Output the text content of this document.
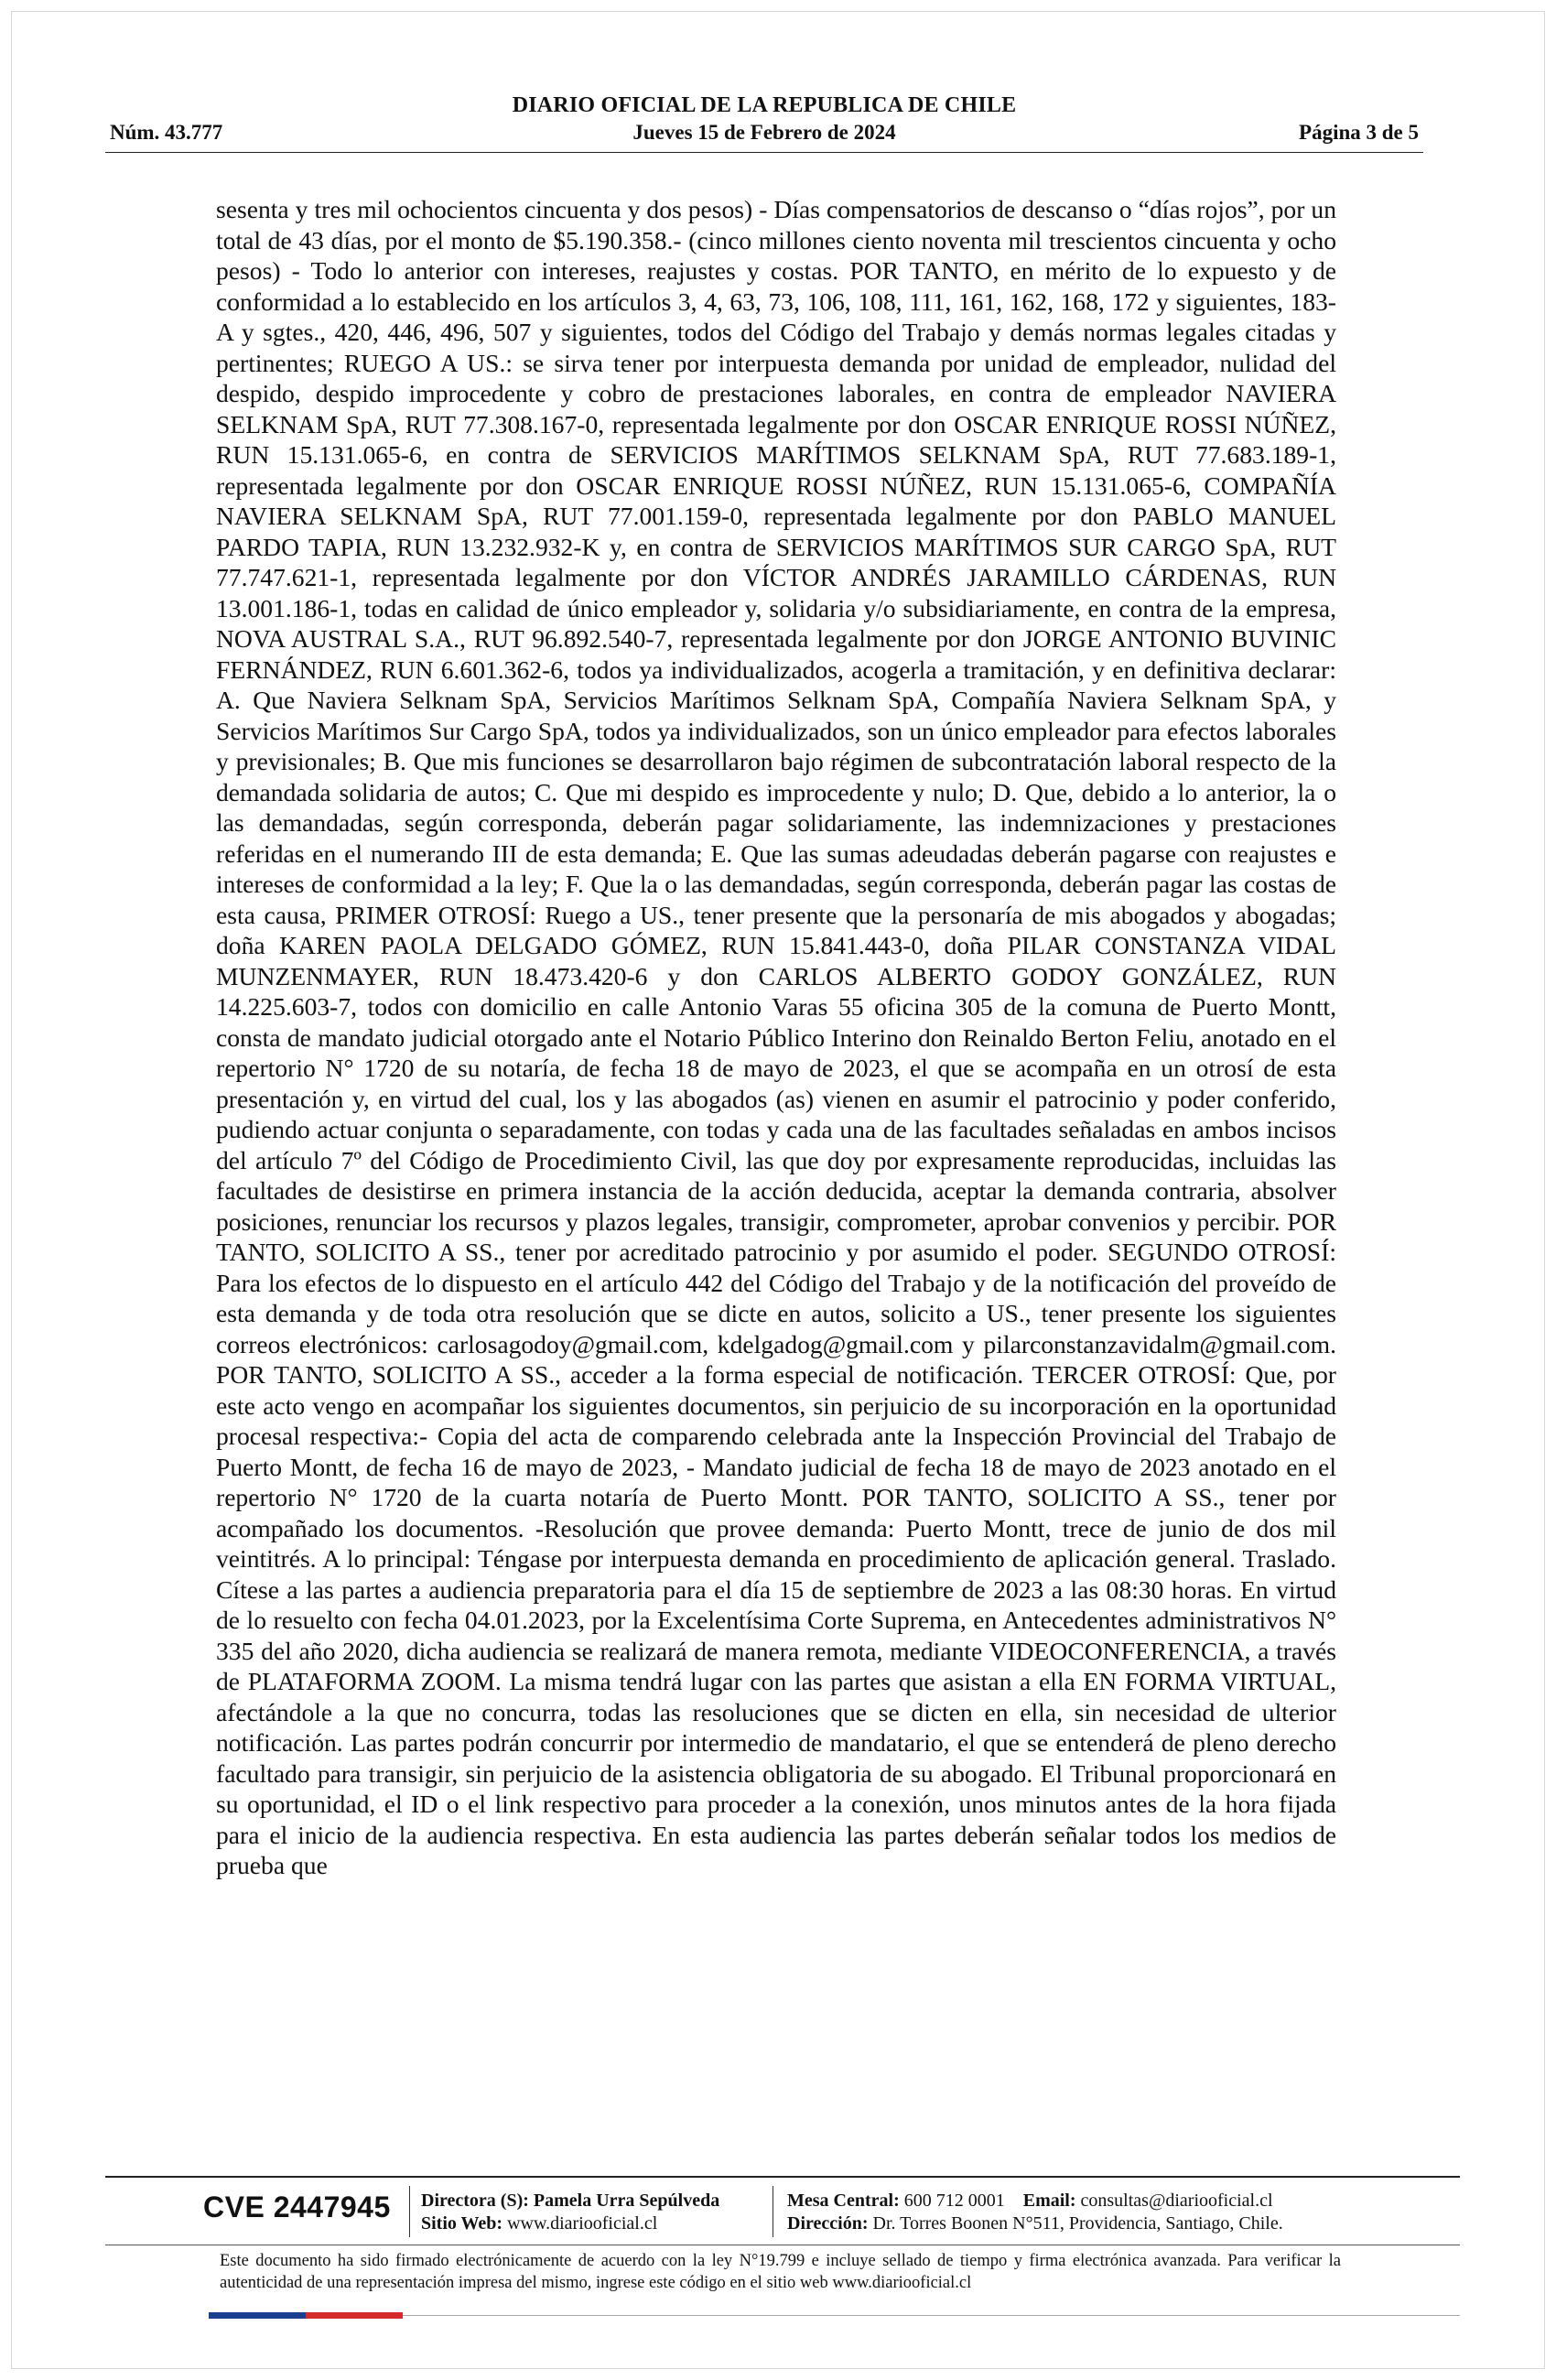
DIARIO OFICIAL DE LA REPUBLICA DE CHILE
Núm. 43.777	Jueves 15 de Febrero de 2024	Página 3 de 5

sesenta y tres mil ochocientos cincuenta y dos pesos) - Días compensatorios de descanso o “días rojos”, por un total de 43 días, por el monto de $5.190.358.- (cinco millones ciento noventa mil trescientos cincuenta y ocho pesos) - Todo lo anterior con intereses, reajustes y costas. POR TANTO, en mérito de lo expuesto y de conformidad a lo establecido en los artículos 3, 4, 63, 73, 106, 108, 111, 161, 162, 168, 172 y siguientes, 183-A y sgtes., 420, 446, 496, 507 y siguientes, todos del Código del Trabajo y demás normas legales citadas y pertinentes; RUEGO A US.: se sirva tener por interpuesta demanda por unidad de empleador, nulidad del despido, despido improcedente y cobro de prestaciones laborales, en contra de empleador NAVIERA SELKNAM SpA, RUT 77.308.167-0, representada legalmente por don OSCAR ENRIQUE ROSSI NÚÑEZ, RUN 15.131.065-6, en contra de SERVICIOS MARÍTIMOS SELKNAM SpA, RUT 77.683.189-1, representada legalmente por don OSCAR ENRIQUE ROSSI NÚÑEZ, RUN 15.131.065-6, COMPAÑÍA NAVIERA SELKNAM SpA, RUT 77.001.159-0, representada legalmente por don PABLO MANUEL PARDO TAPIA, RUN 13.232.932-K y, en contra de SERVICIOS MARÍTIMOS SUR CARGO SpA, RUT 77.747.621-1, representada legalmente por don VÍCTOR ANDRÉS JARAMILLO CÁRDENAS, RUN 13.001.186-1, todas en calidad de único empleador y, solidaria y/o subsidiariamente, en contra de la empresa, NOVA AUSTRAL S.A., RUT 96.892.540-7, representada legalmente por don JORGE ANTONIO BUVINIC FERNÁNDEZ, RUN 6.601.362-6, todos ya individualizados, acogerla a tramitación, y en definitiva declarar: A. Que Naviera Selknam SpA, Servicios Marítimos Selknam SpA, Compañía Naviera Selknam SpA, y Servicios Marítimos Sur Cargo SpA, todos ya individualizados, son un único empleador para efectos laborales y previsionales; B. Que mis funciones se desarrollaron bajo régimen de subcontratación laboral respecto de la demandada solidaria de autos; C. Que mi despido es improcedente y nulo; D. Que, debido a lo anterior, la o las demandadas, según corresponda, deberán pagar solidariamente, las indemnizaciones y prestaciones referidas en el numerando III de esta demanda; E. Que las sumas adeudadas deberán pagarse con reajustes e intereses de conformidad a la ley; F. Que la o las demandadas, según corresponda, deberán pagar las costas de esta causa, PRIMER OTROSÍ: Ruego a US., tener presente que la personaría de mis abogados y abogadas; doña KAREN PAOLA DELGADO GÓMEZ, RUN 15.841.443-0, doña PILAR CONSTANZA VIDAL MUNZENMAYER, RUN 18.473.420-6 y don CARLOS ALBERTO GODOY GONZÁLEZ, RUN 14.225.603-7, todos con domicilio en calle Antonio Varas 55 oficina 305 de la comuna de Puerto Montt, consta de mandato judicial otorgado ante el Notario Público Interino don Reinaldo Berton Feliu, anotado en el repertorio N° 1720 de su notaría, de fecha 18 de mayo de 2023, el que se acompaña en un otrosí de esta presentación y, en virtud del cual, los y las abogados (as) vienen en asumir el patrocinio y poder conferido, pudiendo actuar conjunta o separadamente, con todas y cada una de las facultades señaladas en ambos incisos del artículo 7º del Código de Procedimiento Civil, las que doy por expresamente reproducidas, incluidas las facultades de desistirse en primera instancia de la acción deducida, aceptar la demanda contraria, absolver posiciones, renunciar los recursos y plazos legales, transigir, comprometer, aprobar convenios y percibir. POR TANTO, SOLICITO A SS., tener por acreditado patrocinio y por asumido el poder. SEGUNDO OTROSÍ: Para los efectos de lo dispuesto en el artículo 442 del Código del Trabajo y de la notificación del proveído de esta demanda y de toda otra resolución que se dicte en autos, solicito a US., tener presente los siguientes correos electrónicos: carlosagodoy@gmail.com, kdelgadog@gmail.com y pilarconstanzavidalm@gmail.com. POR TANTO, SOLICITO A SS., acceder a la forma especial de notificación. TERCER OTROSÍ: Que, por este acto vengo en acompañar los siguientes documentos, sin perjuicio de su incorporación en la oportunidad procesal respectiva:- Copia del acta de comparendo celebrada ante la Inspección Provincial del Trabajo de Puerto Montt, de fecha 16 de mayo de 2023, - Mandato judicial de fecha 18 de mayo de 2023 anotado en el repertorio N° 1720 de la cuarta notaría de Puerto Montt. POR TANTO, SOLICITO A SS., tener por acompañado los documentos. -Resolución que provee demanda: Puerto Montt, trece de junio de dos mil veintitrés. A lo principal: Téngase por interpuesta demanda en procedimiento de aplicación general. Traslado. Cítese a las partes a audiencia preparatoria para el día 15 de septiembre de 2023 a las 08:30 horas. En virtud de lo resuelto con fecha 04.01.2023, por la Excelentísima Corte Suprema, en Antecedentes administrativos N° 335 del año 2020, dicha audiencia se realizará de manera remota, mediante VIDEOCONFERENCIA, a través de PLATAFORMA ZOOM. La misma tendrá lugar con las partes que asistan a ella EN FORMA VIRTUAL, afectándole a la que no concurra, todas las resoluciones que se dicten en ella, sin necesidad de ulterior notificación. Las partes podrán concurrir por intermedio de mandatario, el que se entenderá de pleno derecho facultado para transigir, sin perjuicio de la asistencia obligatoria de su abogado. El Tribunal proporcionará en su oportunidad, el ID o el link respectivo para proceder a la conexión, unos minutos antes de la hora fijada para el inicio de la audiencia respectiva. En esta audiencia las partes deberán señalar todos los medios de prueba que

CVE 2447945 Directora (S): Pamela Urra Sepúlveda
Sitio Web: www.diariooficial.cl
Mesa Central: 600 712 0001 Email: consultas@diariooficial.cl
Dirección: Dr. Torres Boonen N°511, Providencia, Santiago, Chile.

Este documento ha sido firmado electrónicamente de acuerdo con la ley N°19.799 e incluye sellado de tiempo y firma electrónica avanzada. Para verificar la autenticidad de una representación impresa del mismo, ingrese este código en el sitio web www.diariooficial.cl
